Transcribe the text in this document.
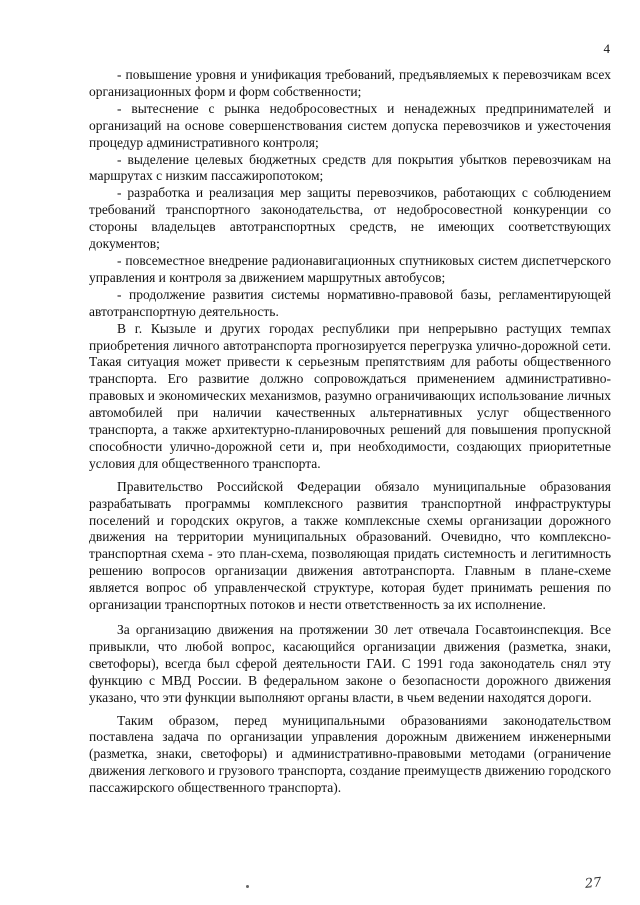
4

- повышение уровня и унификация требований, предъявляемых к перевозчикам всех организационных форм и форм собственности;

- вытеснение с рынка недобросовестных и ненадежных предпринимателей и организаций на основе совершенствования систем допуска перевозчиков и ужесточения процедур административного контроля;

- выделение целевых бюджетных средств для покрытия убытков перевозчикам на маршрутах с низким пассажиропотоком;

- разработка и реализация мер защиты перевозчиков, работающих с соблюдением требований транспортного законодательства, от недобросовестной конкуренции со стороны владельцев автотранспортных средств, не имеющих соответствующих документов;

- повсеместное внедрение радионавигационных спутниковых систем диспетчерского управления и контроля за движением маршрутных автобусов;

- продолжение развития системы нормативно-правовой базы, регламентирующей автотранспортную деятельность.

В г. Кызыле и других городах республики при непрерывно растущих темпах приобретения личного автотранспорта прогнозируется перегрузка улично-дорожной сети. Такая ситуация может привести к серьезным препятствиям для работы общественного транспорта. Его развитие должно сопровождаться применением административно-правовых и экономических механизмов, разумно ограничивающих использование личных автомобилей при наличии качественных альтернативных услуг общественного транспорта, а также архитектурно-планировочных решений для повышения пропускной способности улично-дорожной сети и, при необходимости, создающих приоритетные условия для общественного транспорта.

Правительство Российской Федерации обязало муниципальные образования разрабатывать программы комплексного развития транспортной инфраструктуры поселений и городских округов, а также комплексные схемы организации дорожного движения на территории муниципальных образований. Очевидно, что комплексно-транспортная схема - это план-схема, позволяющая придать системность и легитимность решению вопросов организации движения автотранспорта. Главным в плане-схеме является вопрос об управленческой структуре, которая будет принимать решения по организации транспортных потоков и нести ответственность за их исполнение.

За организацию движения на протяжении 30 лет отвечала Госавтоинспекция. Все привыкли, что любой вопрос, касающийся организации движения (разметка, знаки, светофоры), всегда был сферой деятельности ГАИ. С 1991 года законодатель снял эту функцию с МВД России. В федеральном законе о безопасности дорожного движения указано, что эти функции выполняют органы власти, в чьем ведении находятся дороги.

Таким образом, перед муниципальными образованиями законодательством поставлена задача по организации управления дорожным движением инженерными (разметка, знаки, светофоры) и административно-правовыми методами (ограничение движения легкового и грузового транспорта, создание преимуществ движению городского пассажирского общественного транспорта).

27
